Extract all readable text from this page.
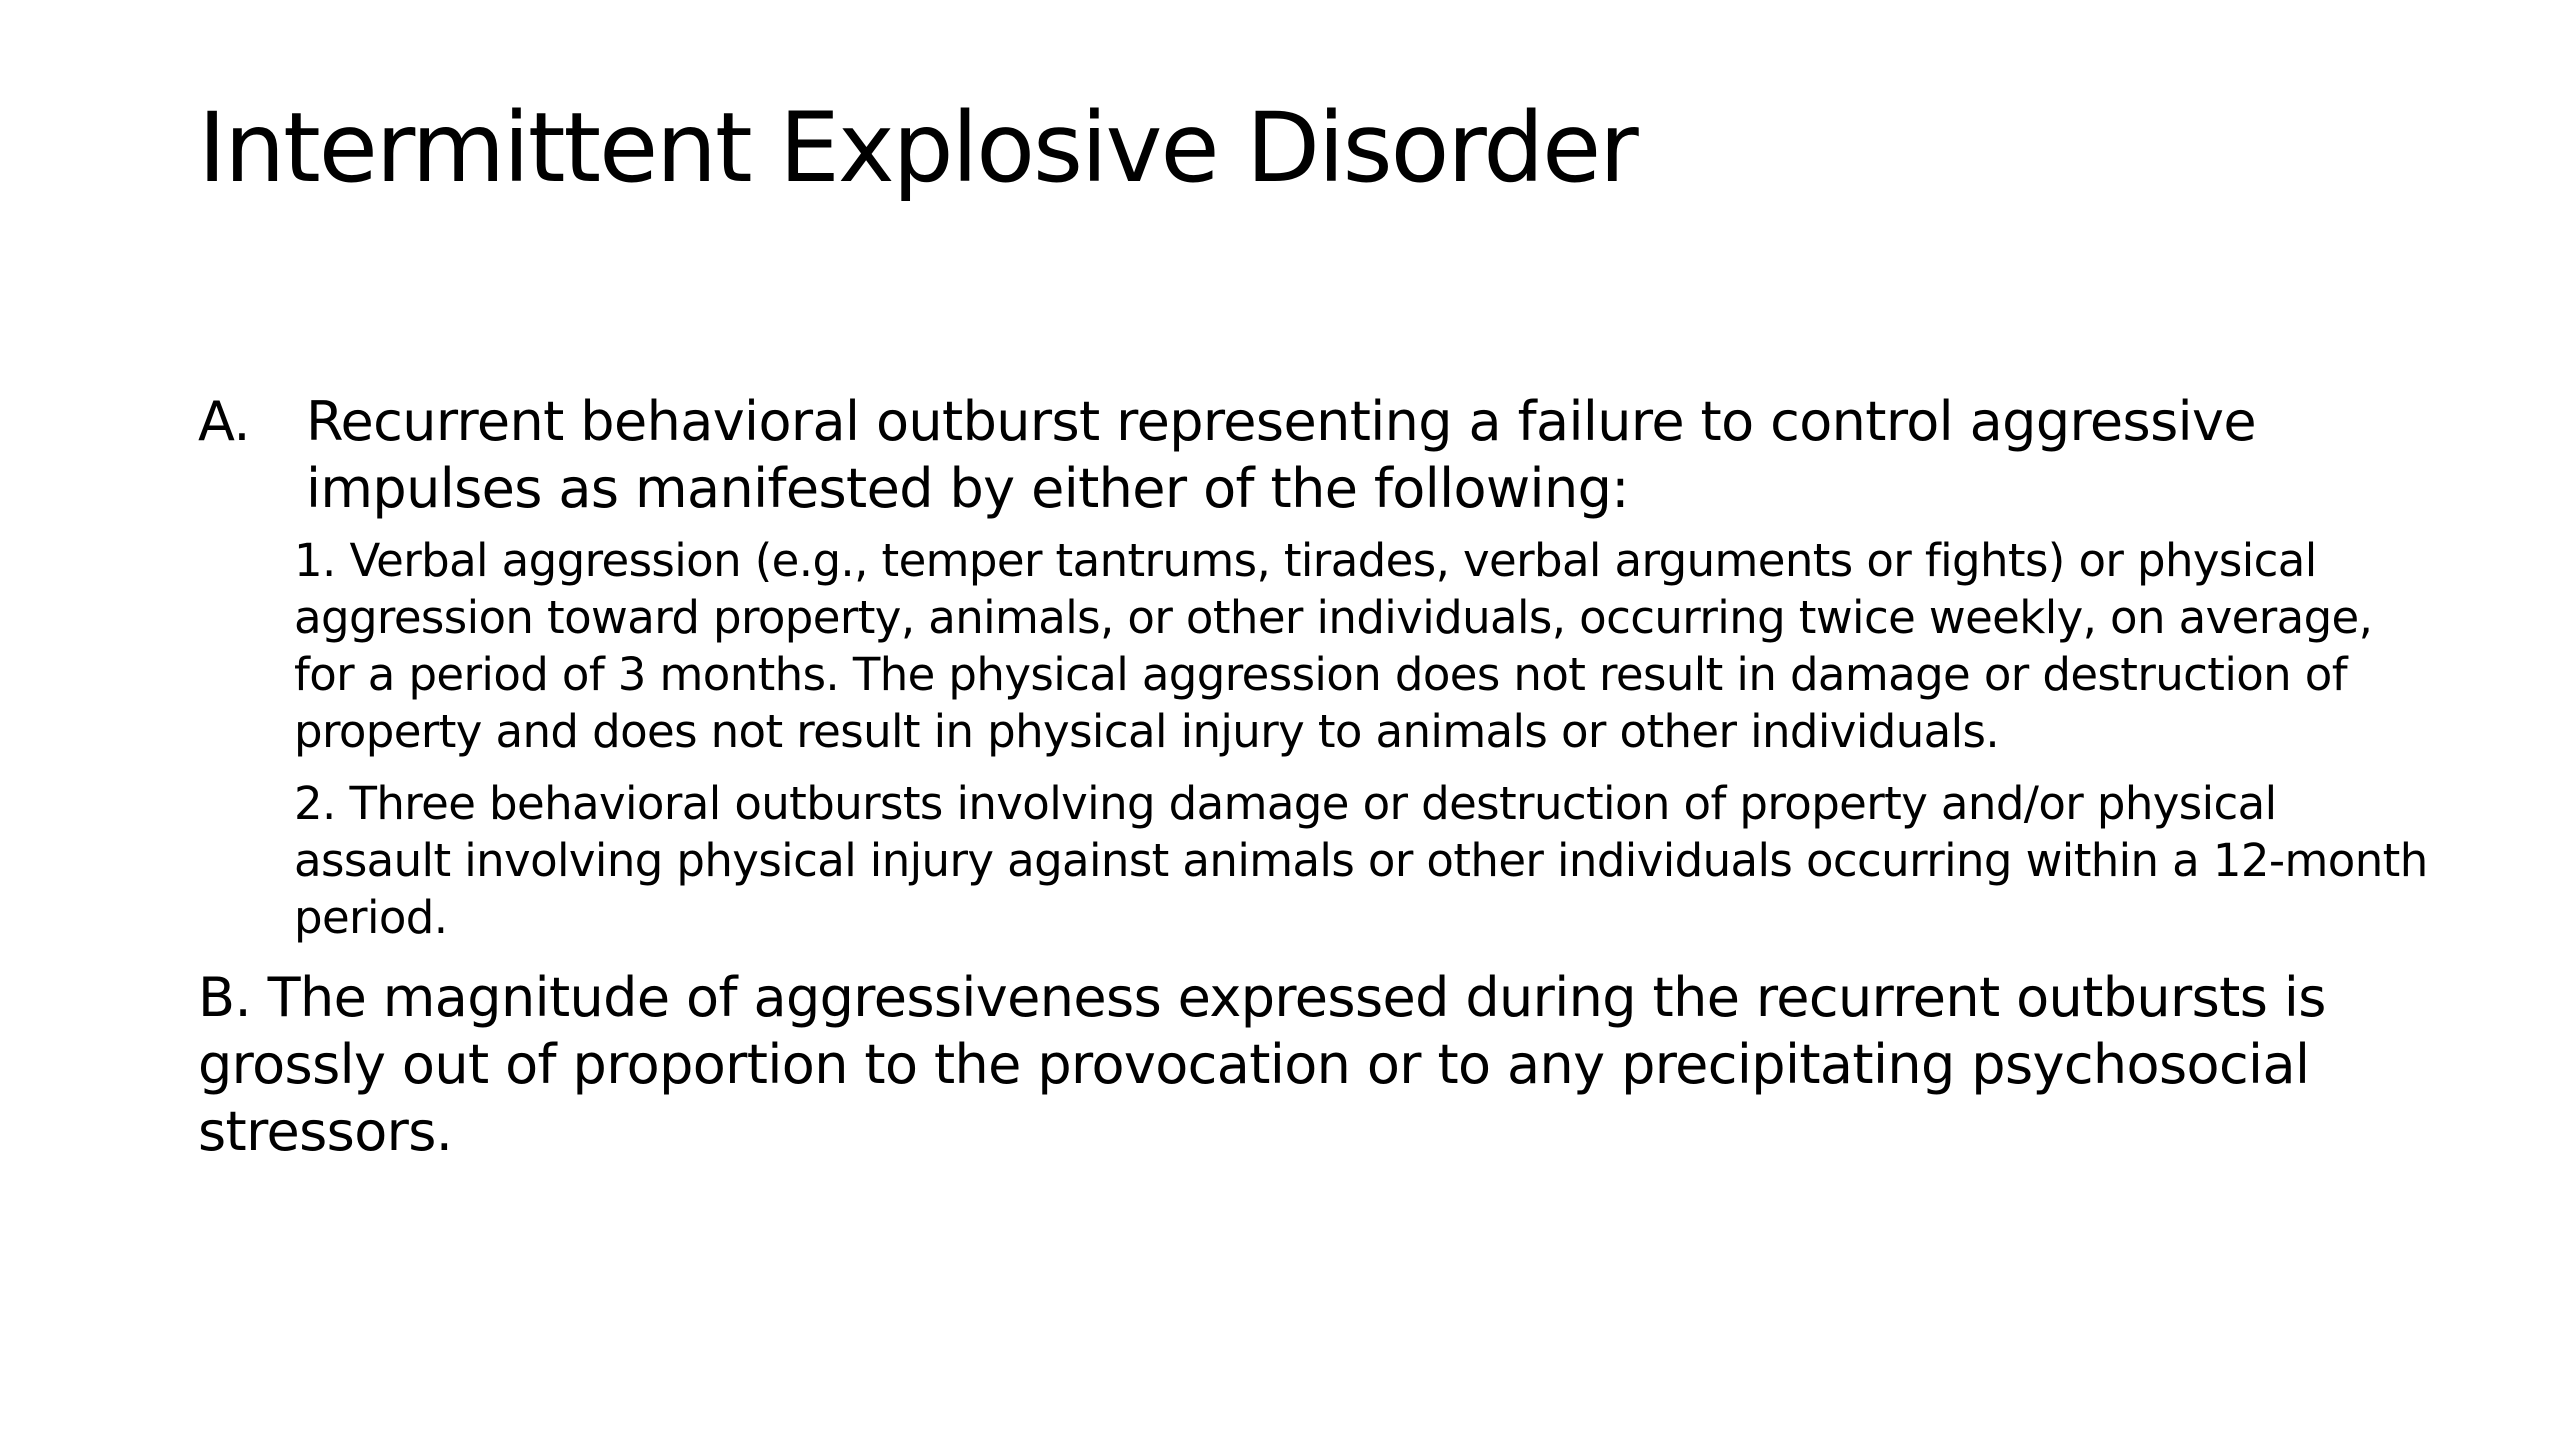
Intermittent Explosive Disorder
A.	Recurrent behavioral outburst representing a failure to control aggressive impulses as manifested by either of the following:
1. Verbal aggression (e.g., temper tantrums, tirades, verbal arguments or fights) or physical aggression toward property, animals, or other individuals, occurring twice weekly, on average, for a period of 3 months. The physical aggression does not result in damage or destruction of property and does not result in physical injury to animals or other individuals.
2. Three behavioral outbursts involving damage or destruction of property and/or physical assault involving physical injury against animals or other individuals occurring within a 12-month period.
B. The magnitude of aggressiveness expressed during the recurrent outbursts is grossly out of proportion to the provocation or to any precipitating psychosocial stressors.
